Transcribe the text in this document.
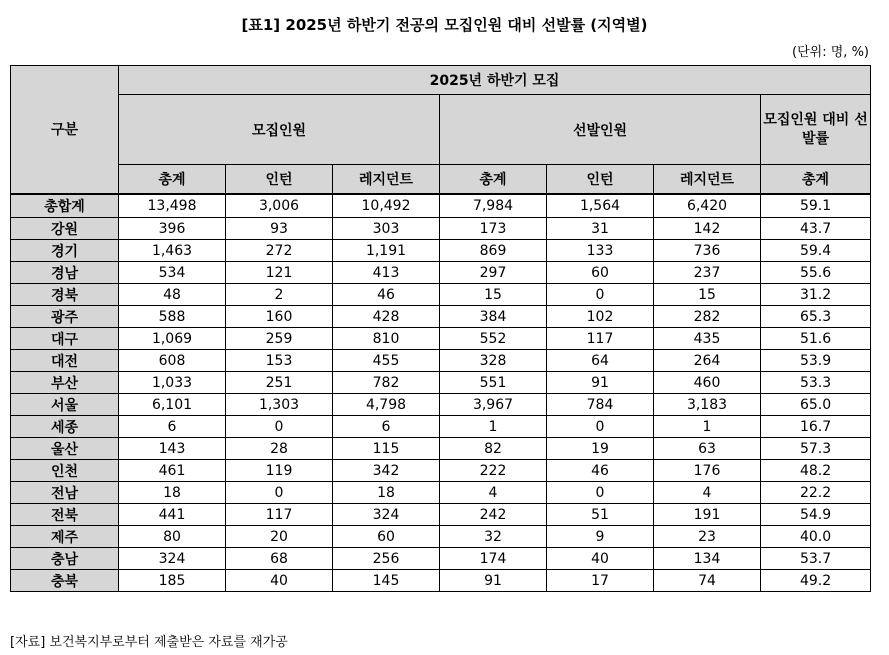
[표1] 2025년 하반기 전공의 모집인원 대비 선발률 (지역별)
(단위: 명, %)
구분	2025년 하반기 모집						
	모집인원			선발인원			모집인원 대비 선발률
	총계	인턴	레지던트	총계	인턴	레지던트	총계
총합계	13,498	3,006	10,492	7,984	1,564	6,420	59.1
강원	396	93	303	173	31	142	43.7
경기	1,463	272	1,191	869	133	736	59.4
경남	534	121	413	297	60	237	55.6
경북	48	2	46	15	0	15	31.2
광주	588	160	428	384	102	282	65.3
대구	1,069	259	810	552	117	435	51.6
대전	608	153	455	328	64	264	53.9
부산	1,033	251	782	551	91	460	53.3
서울	6,101	1,303	4,798	3,967	784	3,183	65.0
세종	6	0	6	1	0	1	16.7
울산	143	28	115	82	19	63	57.3
인천	461	119	342	222	46	176	48.2
전남	18	0	18	4	0	4	22.2
전북	441	117	324	242	51	191	54.9
제주	80	20	60	32	9	23	40.0
충남	324	68	256	174	40	134	53.7
충북	185	40	145	91	17	74	49.2
[자료] 보건복지부로부터 제출받은 자료를 재가공
